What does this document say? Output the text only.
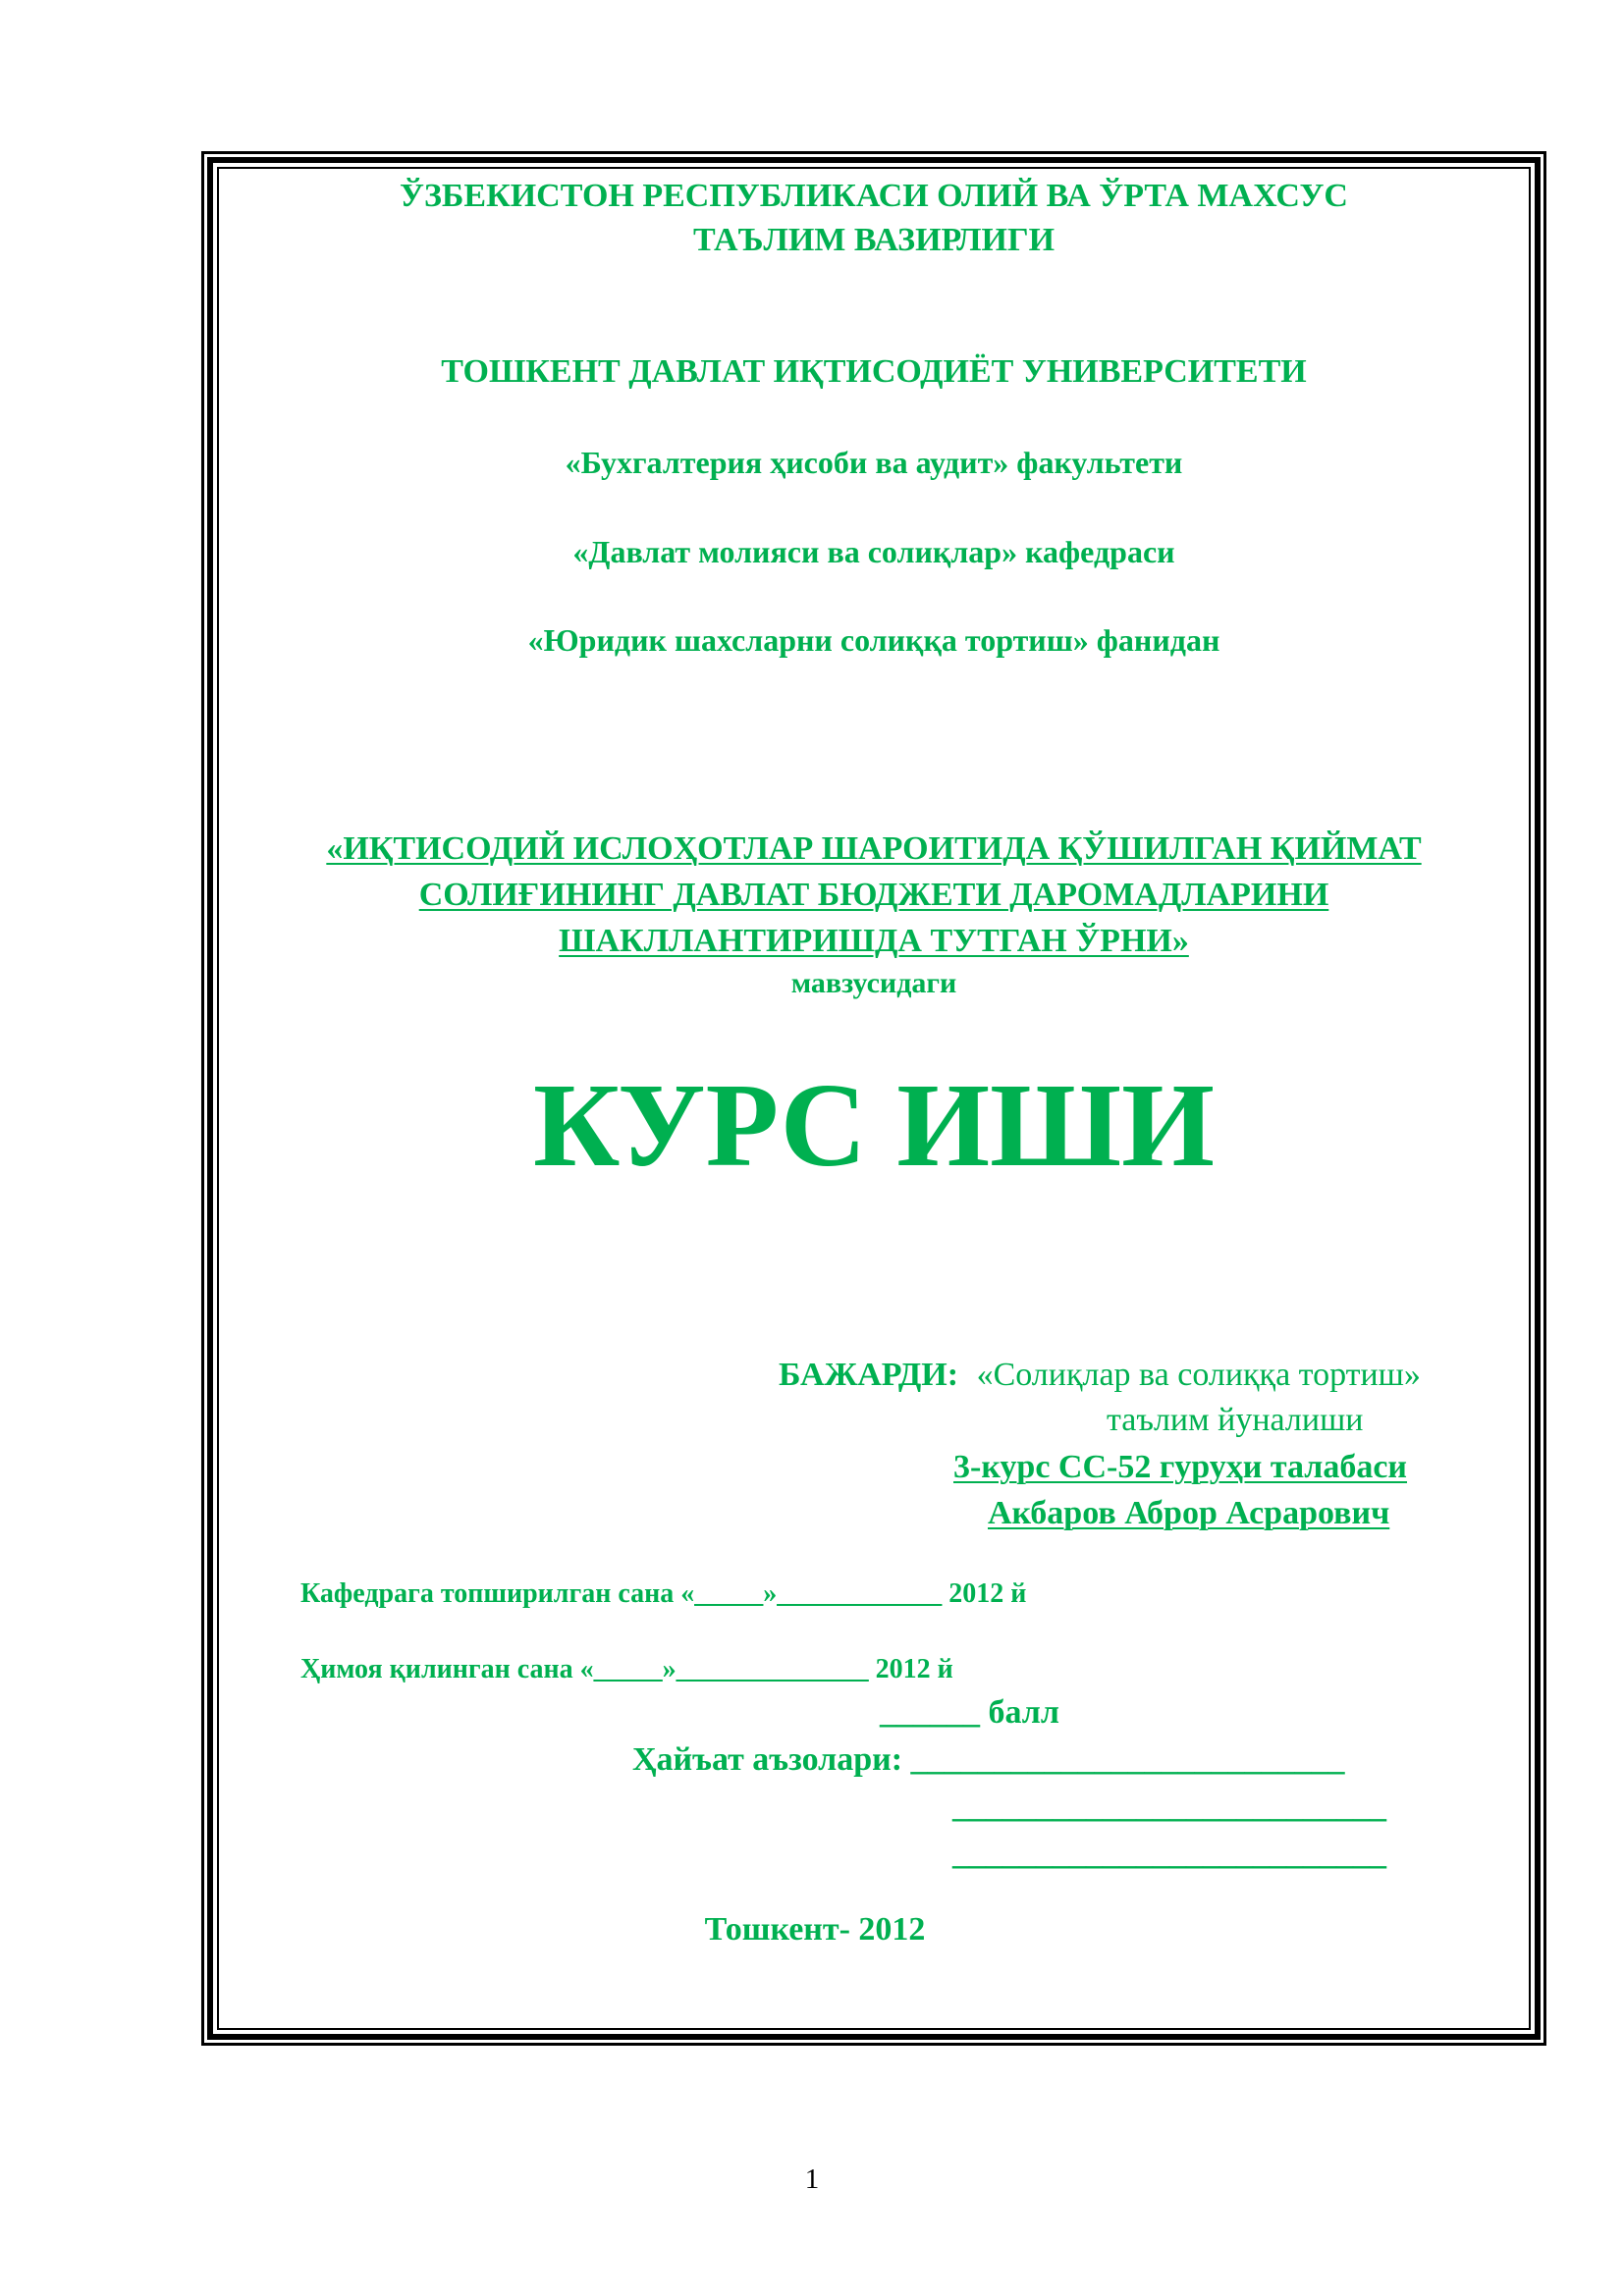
ЎЗБЕКИСТОН РЕСПУБЛИКАСИ ОЛИЙ ВА ЎРТА МАХСУС
ТАЪЛИМ ВАЗИРЛИГИ
ТОШКЕНТ ДАВЛАТ ИҚТИСОДИЁТ УНИВЕРСИТЕТИ
«Бухгалтерия ҳисоби ва аудит» факультети
«Давлат молияси ва солиқлар» кафедраси
«Юридик шахсларни солиққа тортиш» фанидан
«ИҚТИСОДИЙ ИСЛОҲОТЛАР ШАРОИТИДА ҚЎШИЛГАН ҚИЙМАТ
СОЛИҒИНИНГ ДАВЛАТ БЮДЖЕТИ ДАРОМАДЛАРИНИ
ШАКЛЛАНТИРИШДА ТУТГАН ЎРНИ»
мавзусидаги
КУРС ИШИ
БАЖАРДИ: «Солиқлар ва солиққа тортиш»
таълим йуналиши
3-курс СС-52 гуруҳи талабаси
Акбаров Аброр Асрарович
Кафедрага топширилган сана «_____»____________ 2012 й
Ҳимоя қилинган сана «_____»______________ 2012 й
______ балл
Ҳайъат аъзолари: __________________________
__________________________
__________________________
Тошкент- 2012
1
